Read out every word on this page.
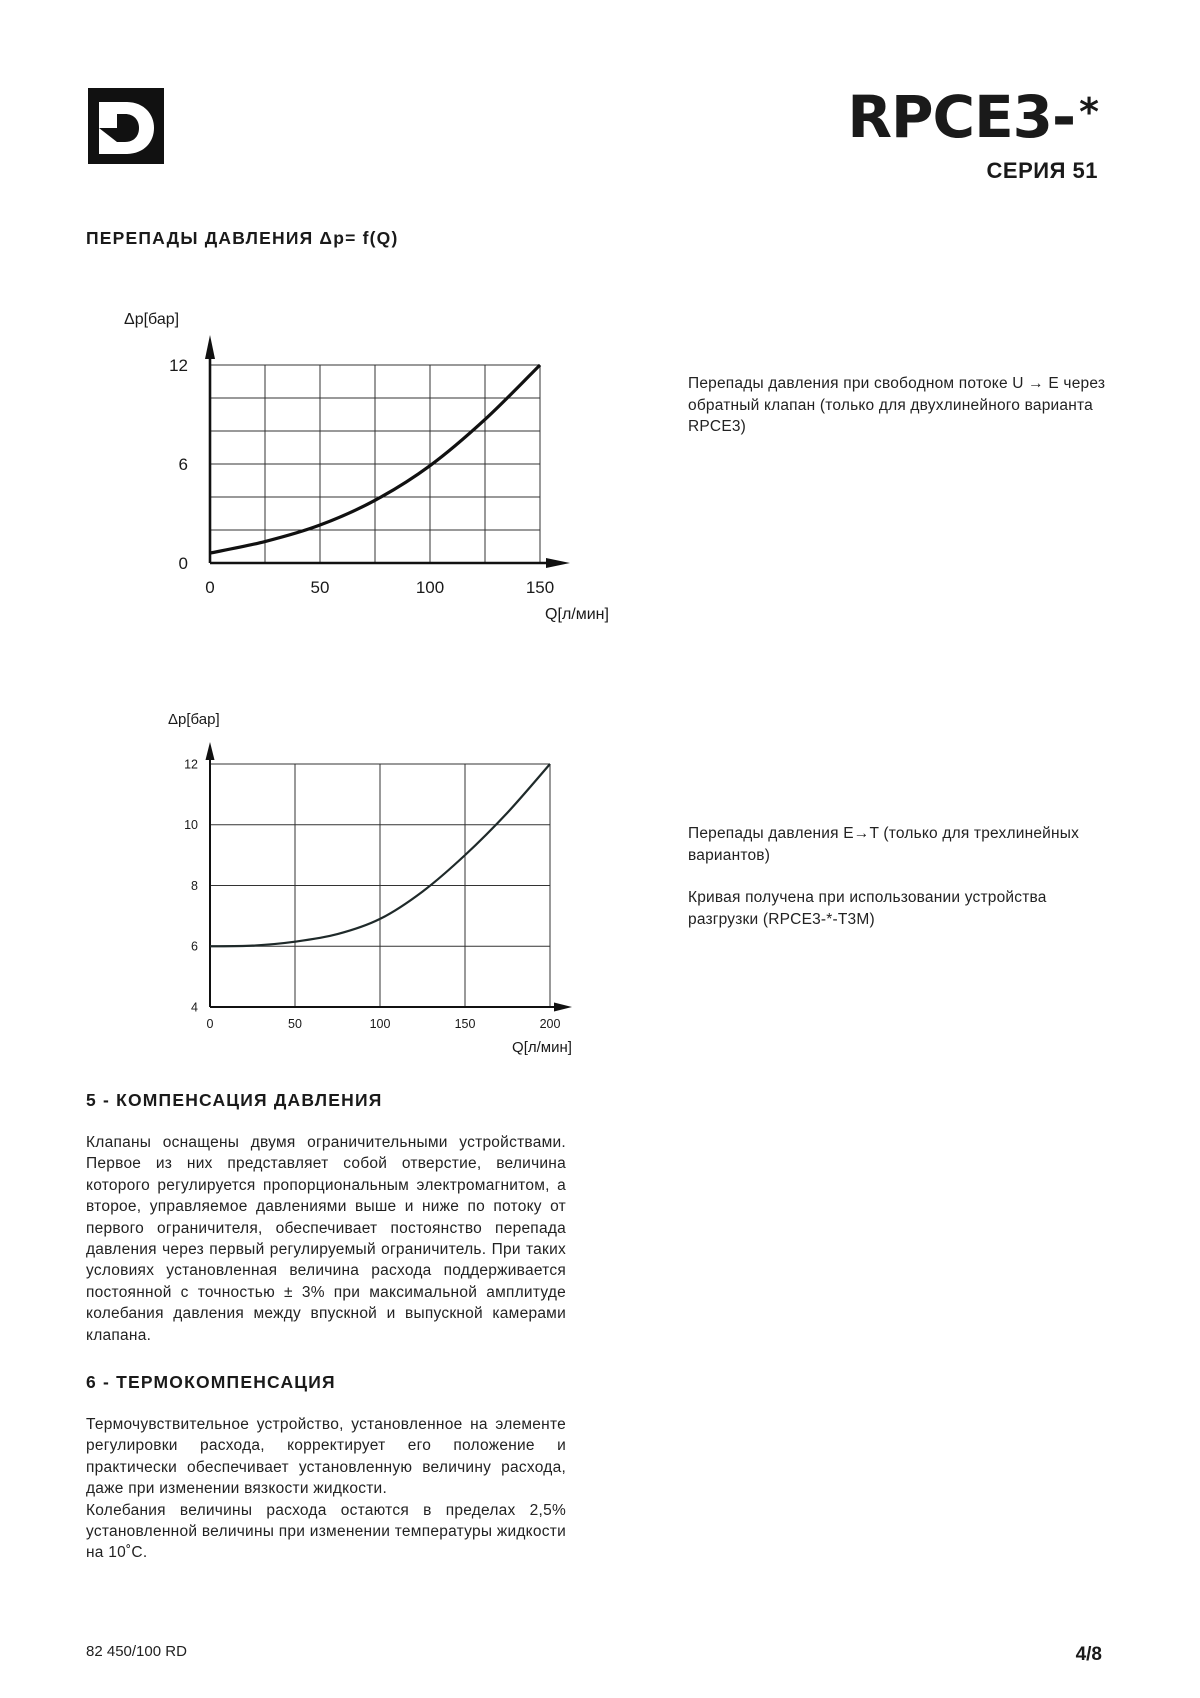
RPCE3- *
СЕРИЯ 51
ПЕРЕПАДЫ ДАВЛЕНИЯ Δp= f(Q)
0
6
12
0	50	100	150
Δp[бар]
Q[л/мин]
4
6
8
10
12
0	50	100	150	200
Δp[бар]
Q[л/мин]
Перепады давления при свободном потоке U → E через обратный клапан (только для двухлинейного варианта RPCE3)
Перепады давления E→T (только для трехлинейных вариантов)
Кривая получена при использовании устройства разгрузки (RPCE3-*-T3M)
5 - КОМПЕНСАЦИЯ ДАВЛЕНИЯ

Клапаны оснащены двумя ограничительными устройствами. Первое из них представляет собой отверстие, величина которого регулируется пропорциональным электромагнитом, а второе, управляемое давлениями выше и ниже по потоку от первого ограничителя, обеспечивает постоянство перепада давления через первый регулируемый ограничитель. При таких условиях установленная величина расхода поддерживается постоянной с точностью ± 3% при максимальной амплитуде колебания давления между впускной и выпускной камерами клапана.

6 - ТЕРМОКОМПЕНСАЦИЯ

Термочувствительное устройство, установленное на элементе регулировки расхода, корректирует его положение и практически обеспечивает установленную величину расхода, даже при изменении вязкости жидкости.

Колебания величины расхода остаются в пределах 2,5% установленной величины при изменении температуры жидкости на 10˚C.

82 450/100 RD	4/8
